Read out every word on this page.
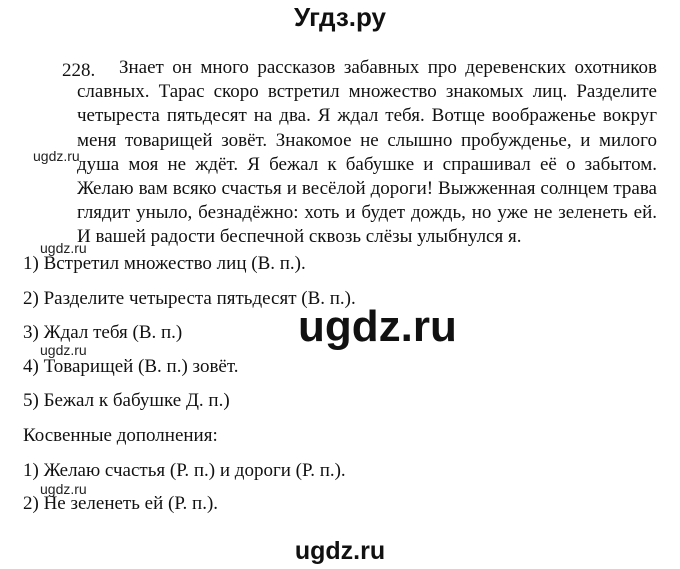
Угдз.ру
228.	Знает он много рассказов забавных про деревенских охотников славных. Тарас скоро встретил множество знакомых лиц. Разделите четыреста пятьдесят на два. Я ждал тебя. Вотще воображенье вокруг меня товарищей зовёт. Знакомое не слышно пробужденье, и милого душа моя не ждёт. Я бежал к бабушке и спрашивал её о забытом. Желаю вам всяко счастья и весёлой дороги! Выжженная солнцем трава глядит уныло, безнадёжно: хоть и будет дождь, но уже не зеленеть ей. И вашей радости беспечной сквозь слёзы улыбнулся я.
ugdz.ru
ugdz.ru
ugdz.ru
ugdz.ru
ugdz.ru
1) Встретил множество лиц (В. п.).
2) Разделите четыреста пятьдесят (В. п.).
3) Ждал тебя (В. п.)
4) Товарищей (В. п.) зовёт.
5) Бежал к бабушке Д. п.)
Косвенные дополнения:
1) Желаю счастья (Р. п.) и дороги (Р. п.).
2) Не зеленеть ей (Р. п.).
ugdz.ru
